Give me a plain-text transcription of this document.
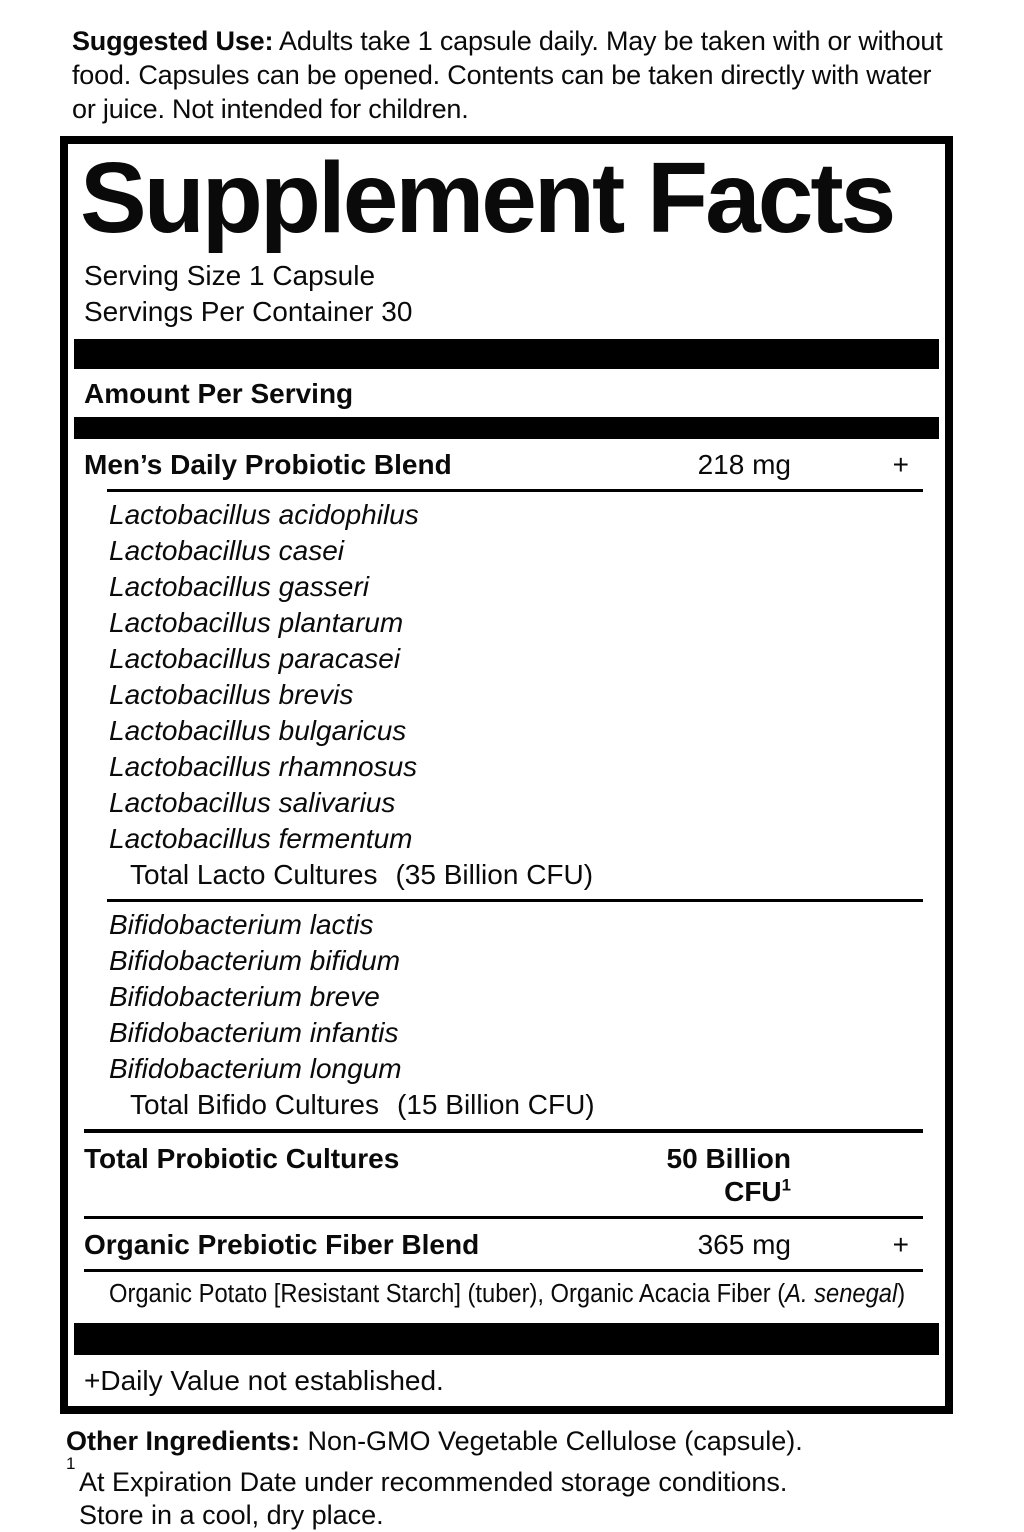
Suggested Use: Adults take 1 capsule daily. May be taken with or without food. Capsules can be opened. Contents can be taken directly with water or juice. Not intended for children.

Supplement Facts
Serving Size 1 Capsule
Servings Per Container 30
Amount Per Serving
Men’s Daily Probiotic Blend	218 mg	+
Lactobacillus acidophilus
Lactobacillus casei
Lactobacillus gasseri
Lactobacillus plantarum
Lactobacillus paracasei
Lactobacillus brevis
Lactobacillus bulgaricus
Lactobacillus rhamnosus
Lactobacillus salivarius
Lactobacillus fermentum
Total Lacto Cultures (35 Billion CFU)
Bifidobacterium lactis
Bifidobacterium bifidum
Bifidobacterium breve
Bifidobacterium infantis
Bifidobacterium longum
Total Bifido Cultures (15 Billion CFU)
Total Probiotic Cultures	50 Billion CFU$^1$
Organic Prebiotic Fiber Blend	365 mg	+
Organic Potato [Resistant Starch] (tuber), Organic Acacia Fiber (A. senegal)
+Daily Value not established.

Other Ingredients: Non-GMO Vegetable Cellulose (capsule).

1
At Expiration Date under recommended storage conditions.
Store in a cool, dry place.
